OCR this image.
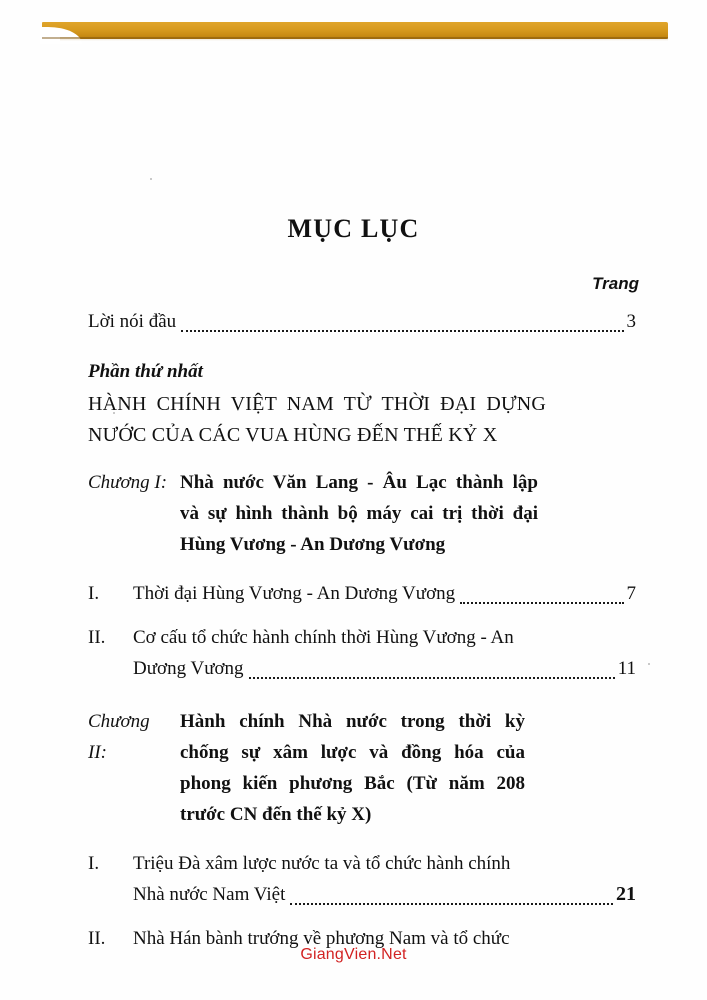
MỤC LỤC
Trang
Lời nói đầu	3
Phần thứ nhất
HÀNH CHÍNH VIỆT NAM TỪ THỜI ĐẠI DỰNG
NƯỚC CỦA CÁC VUA HÙNG ĐẾN THẾ KỶ X
Chương I: Nhà nước Văn Lang - Âu Lạc thành lập
và sự hình thành bộ máy cai trị thời đại
Hùng Vương - An Dương Vương
I.	Thời đại Hùng Vương - An Dương Vương	7
II.	Cơ cấu tổ chức hành chính thời Hùng Vương - An
Dương Vương	11
Chương II:
Hành chính Nhà nước trong thời kỳ
chống sự xâm lược và đồng hóa của
phong kiến phương Bắc (Từ năm 208
trước CN đến thế kỷ X)
I.	Triệu Đà xâm lược nước ta và tổ chức hành chính
Nhà nước Nam Việt	21
II.	Nhà Hán bành trướng về phương Nam và tổ chức
GiangVien.Net
